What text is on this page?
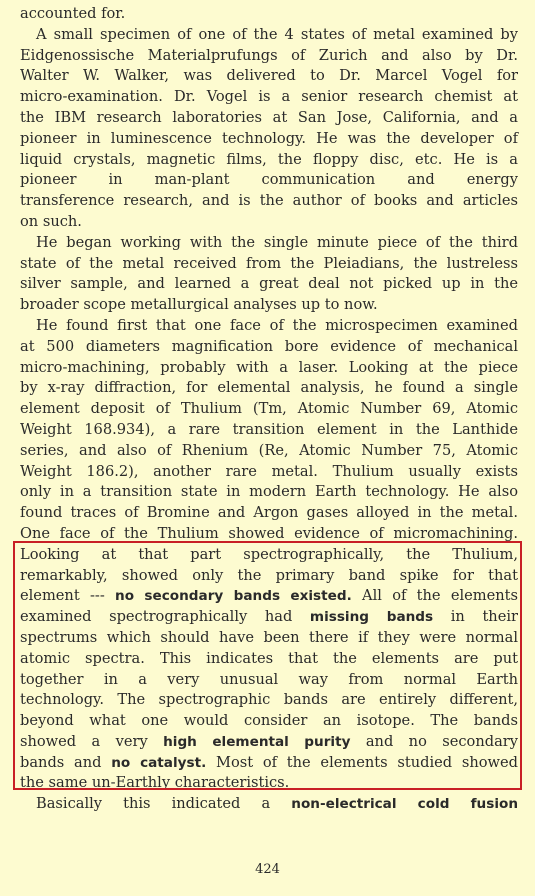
accounted for.

A small specimen of one of the 4 states of metal examined by
Eidgenossische Materialprufungs of Zurich and also by Dr.
Walter W. Walker, was delivered to Dr. Marcel Vogel for
micro-examination. Dr. Vogel is a senior research chemist at
the IBM research laboratories at San Jose, California, and a
pioneer in luminescence technology. He was the developer of
liquid crystals, magnetic films, the floppy disc, etc. He is a
pioneer in man-plant communication and energy
transference research, and is the author of books and articles
on such.

He began working with the single minute piece of the third
state of the metal received from the Pleiadians, the lustreless
silver sample, and learned a great deal not picked up in the
broader scope metallurgical analyses up to now.

He found first that one face of the microspecimen examined
at 500 diameters magnification bore evidence of mechanical
micro-machining, probably with a laser. Looking at the piece
by x-ray diffraction, for elemental analysis, he found a single
element deposit of Thulium (Tm, Atomic Number 69, Atomic
Weight 168.934), a rare transition element in the Lanthide
series, and also of Rhenium (Re, Atomic Number 75, Atomic
Weight 186.2), another rare metal. Thulium usually exists
only in a transition state in modern Earth technology. He also
found traces of Bromine and Argon gases alloyed in the metal.
One face of the Thulium showed evidence of micromachining.
Looking at that part spectrographically, the Thulium,
remarkably, showed only the primary band spike for that
element --- no secondary bands existed. All of the elements
examined spectrographically had missing bands in their
spectrums which should have been there if they were normal
atomic spectra. This indicates that the elements are put
together in a very unusual way from normal Earth
technology. The spectrographic bands are entirely different,
beyond what one would consider an isotope. The bands
showed a very high elemental purity and no secondary
bands and no catalyst. Most of the elements studied showed
the same un-Earthly characteristics.

Basically this indicated a non-electrical cold fusion

424
